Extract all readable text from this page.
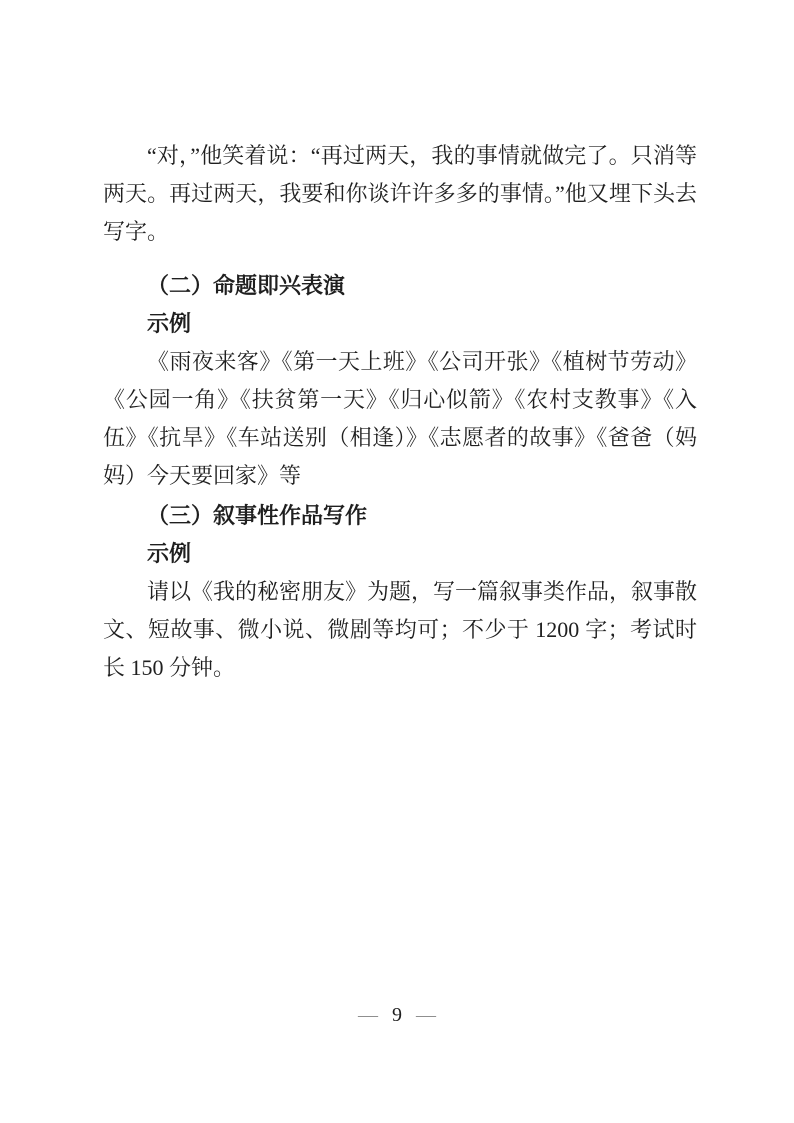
“对，”他笑着说：“再过两天，我的事情就做完了。只消等两天。再过两天，我要和你谈许许多多的事情。”他又埋下头去写字。

（二）命题即兴表演

示例

《雨夜来客》《第一天上班》《公司开张》《植树节劳动》《公园一角》《扶贫第一天》《归心似箭》《农村支教事》《入伍》《抗旱》《车站送别（相逢）》《志愿者的故事》《爸爸（妈妈）今天要回家》等

（三）叙事性作品写作

示例

请以《我的秘密朋友》为题，写一篇叙事类作品，叙事散文、短故事、微小说、微剧等均可；不少于 1200 字；考试时长 150 分钟。

— 9 —
